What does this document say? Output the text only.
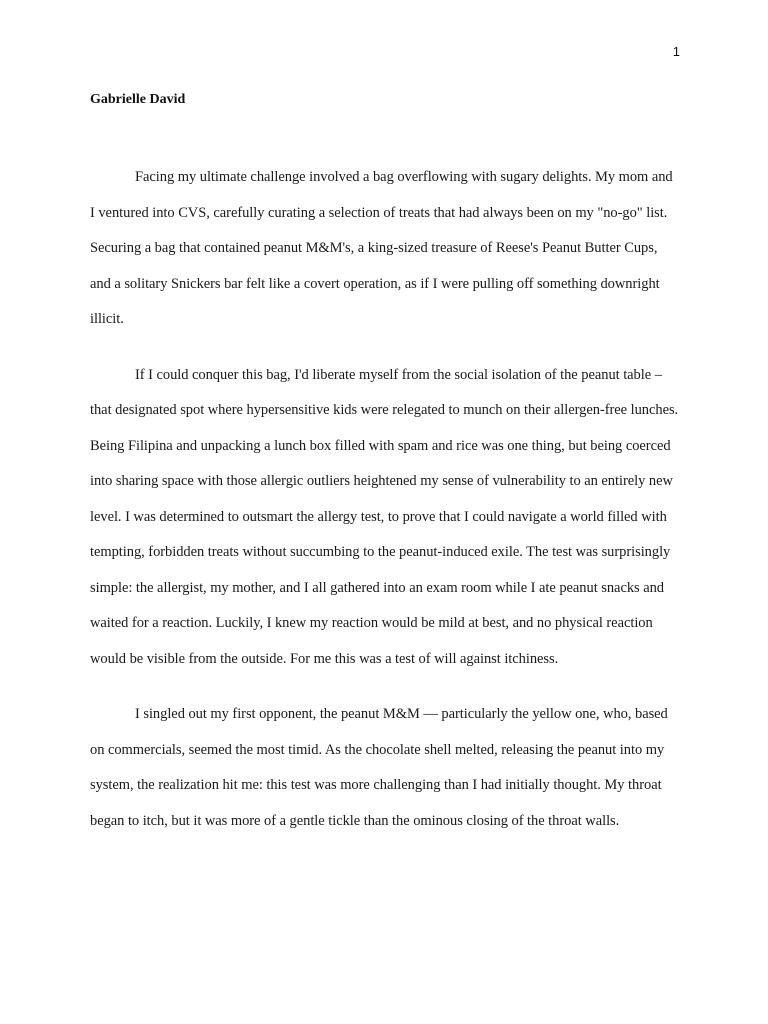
1
Gabrielle David

Facing my ultimate challenge involved a bag overflowing with sugary delights. My mom and I ventured into CVS, carefully curating a selection of treats that had always been on my "no-go" list. Securing a bag that contained peanut M&M's, a king-sized treasure of Reese's Peanut Butter Cups, and a solitary Snickers bar felt like a covert operation, as if I were pulling off something downright illicit.

If I could conquer this bag, I'd liberate myself from the social isolation of the peanut table – that designated spot where hypersensitive kids were relegated to munch on their allergen-free lunches. Being Filipina and unpacking a lunch box filled with spam and rice was one thing, but being coerced into sharing space with those allergic outliers heightened my sense of vulnerability to an entirely new level. I was determined to outsmart the allergy test, to prove that I could navigate a world filled with tempting, forbidden treats without succumbing to the peanut-induced exile. The test was surprisingly simple: the allergist, my mother, and I all gathered into an exam room while I ate peanut snacks and waited for a reaction. Luckily, I knew my reaction would be mild at best, and no physical reaction would be visible from the outside. For me this was a test of will against itchiness.

I singled out my first opponent, the peanut M&M — particularly the yellow one, who, based on commercials, seemed the most timid. As the chocolate shell melted, releasing the peanut into my system, the realization hit me: this test was more challenging than I had initially thought. My throat began to itch, but it was more of a gentle tickle than the ominous closing of the throat walls.
